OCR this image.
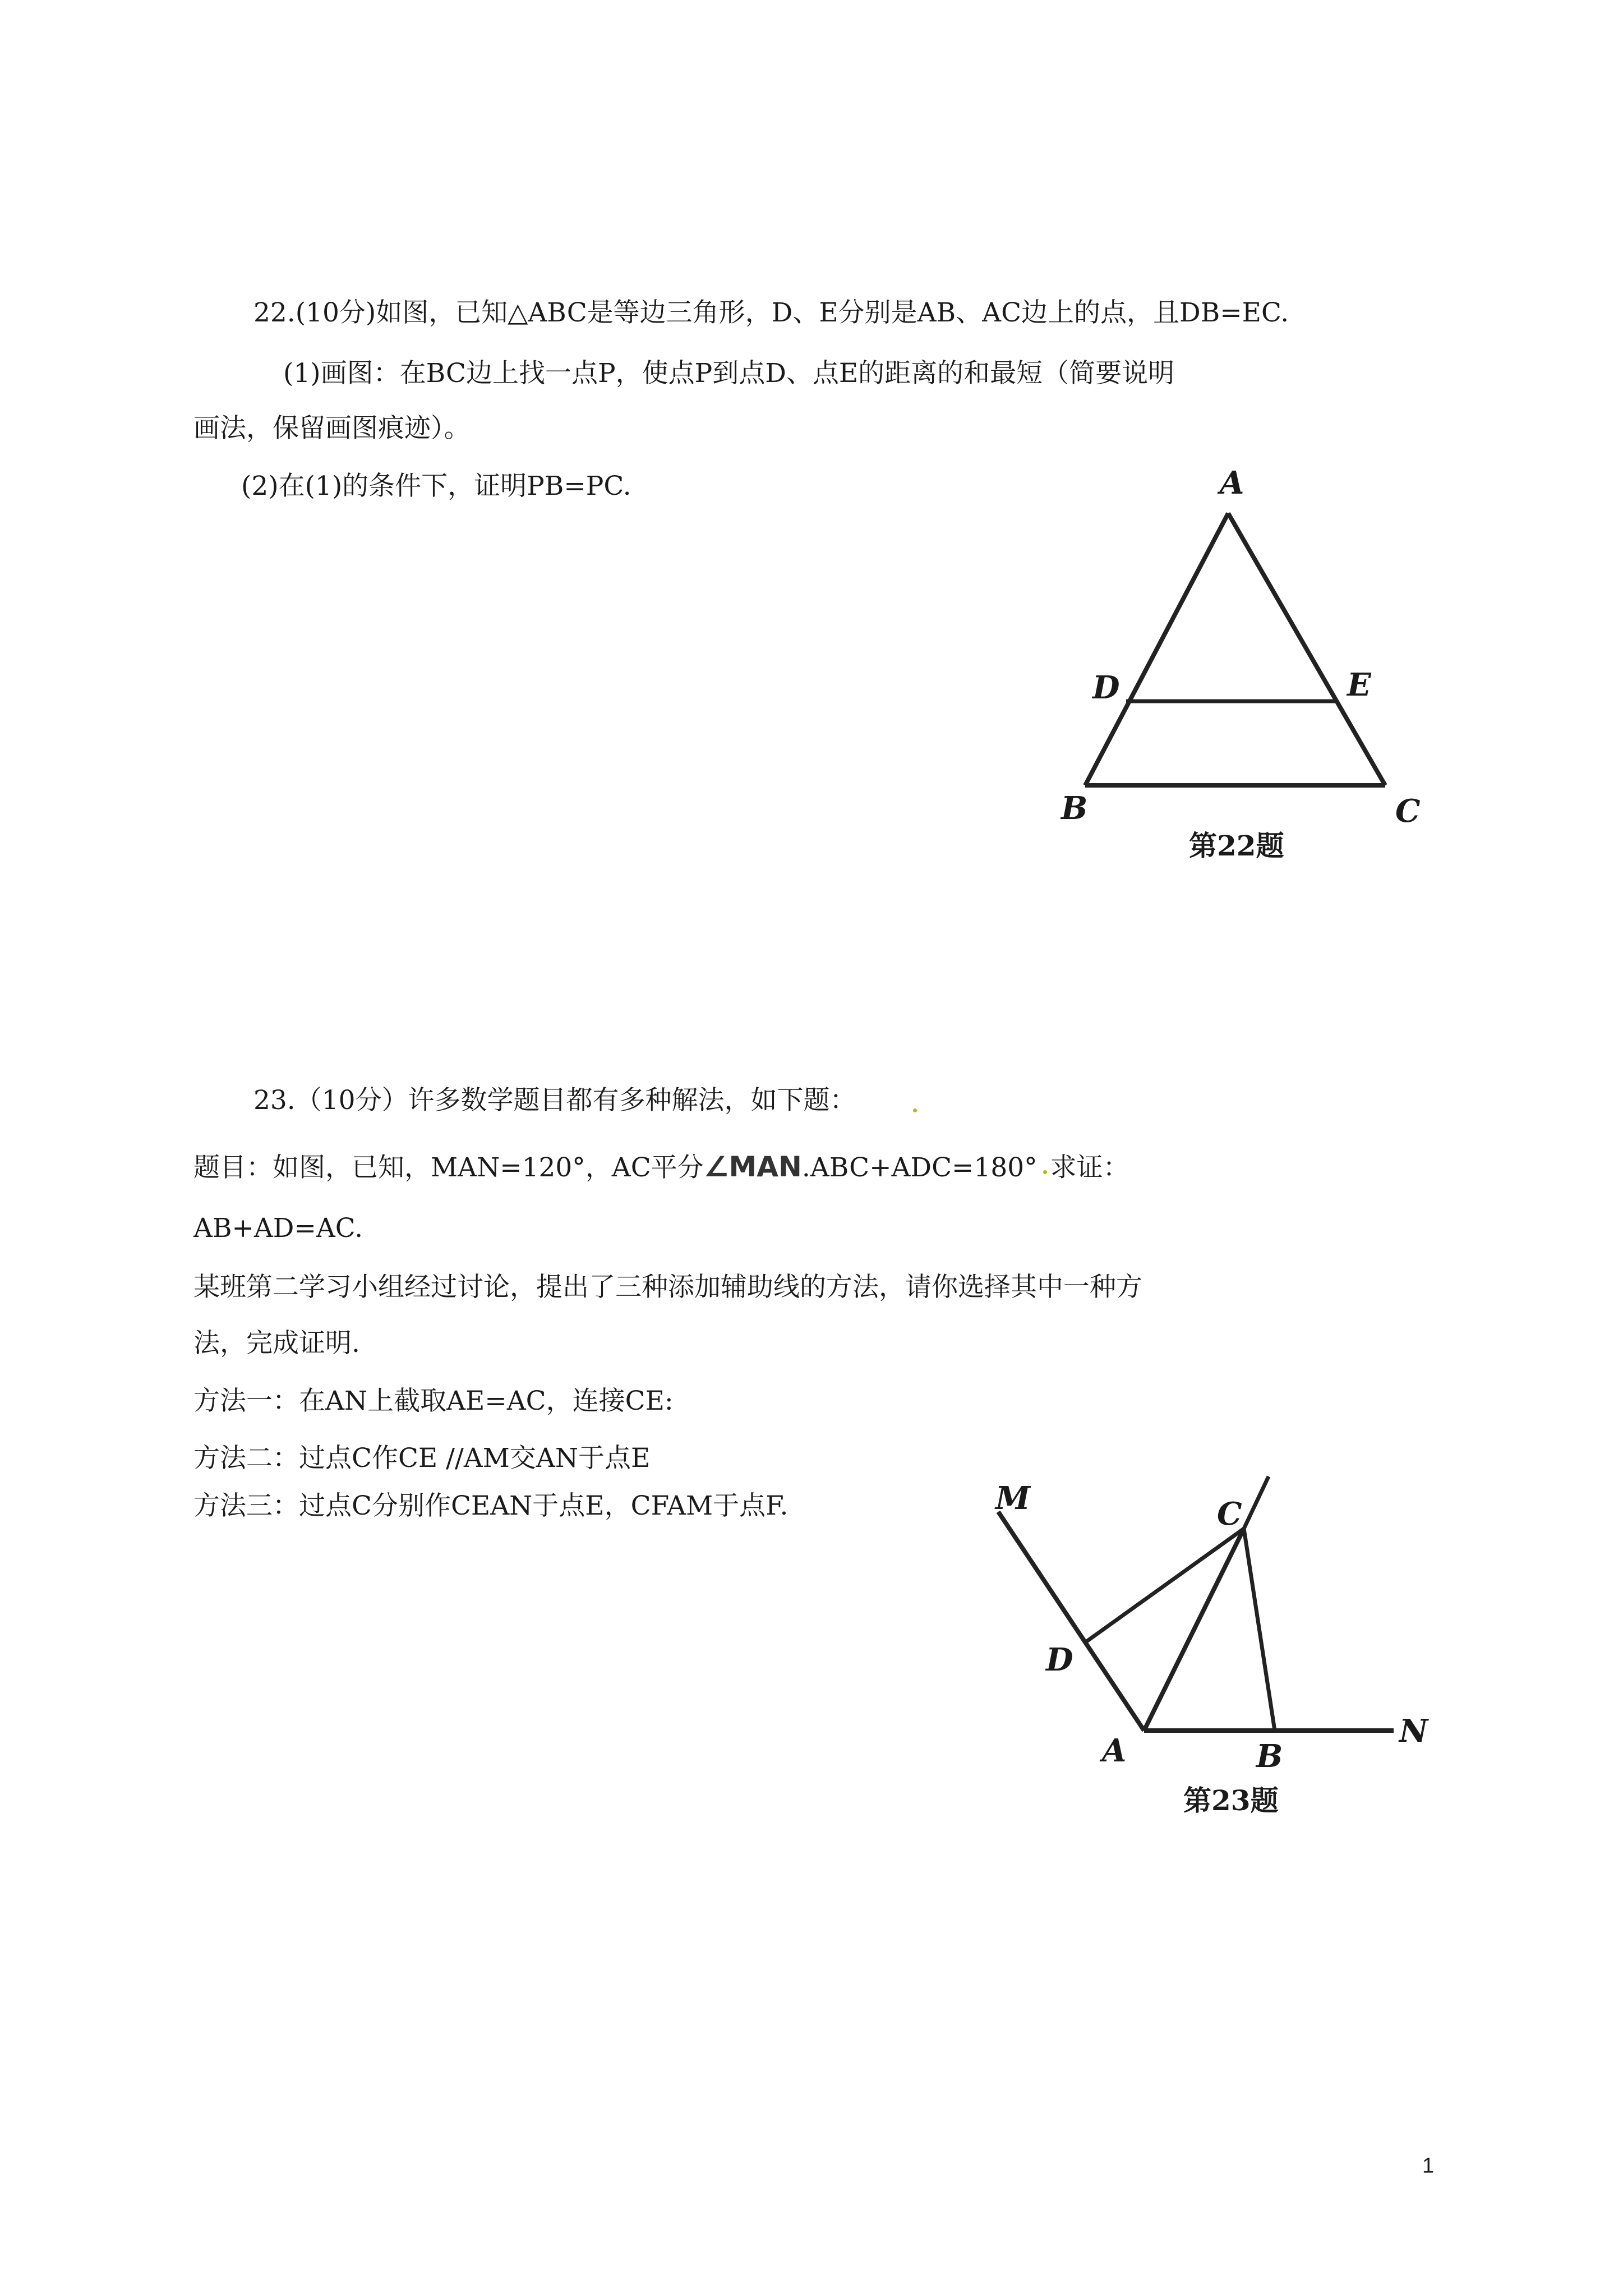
22.(10分)如图，已知△ABC是等边三角形，D、E分别是AB、AC边上的点，且DB=EC.

(1)画图：在BC边上找一点P，使点P到点D、点E的距离的和最短（简要说明

画法，保留画图痕迹）。

(2)在(1)的条件下，证明PB=PC.	A
D	E
B	C
第22题

23.（10分）许多数学题目都有多种解法，如下题：

题目：如图，已知，MAN=120°，AC平分∠MAN.ABC+ADC=180° 求证：

AB+AD=AC.

某班第二学习小组经过讨论，提出了三种添加辅助线的方法，请你选择其中一种方

法，完成证明.

方法一：在AN上截取AE=AC，连接CE:

方法二：过点C作CE //AM交AN于点E

方法三：过点C分别作CEAN于点E，CFAM于点F.	M	C
D
A	B
N
第23题
1
